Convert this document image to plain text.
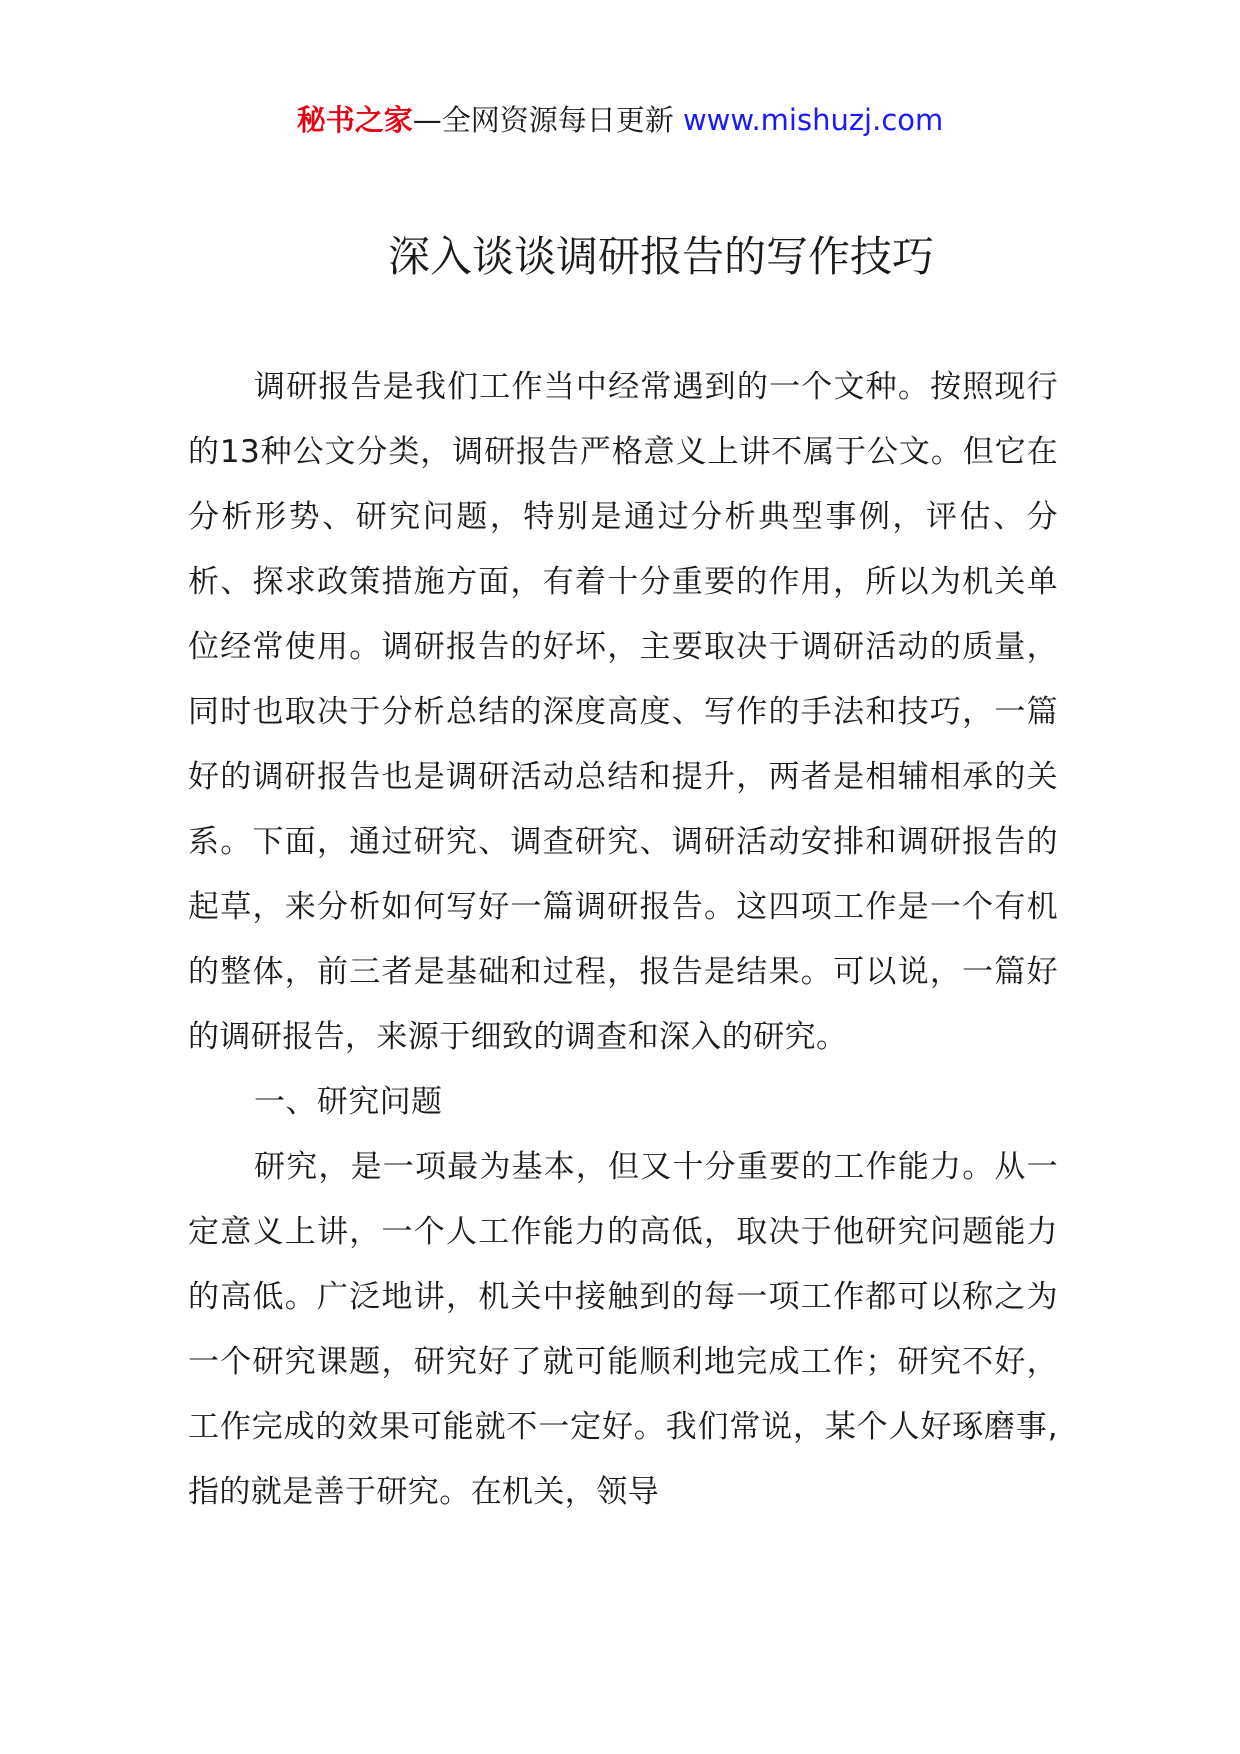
秘书之家—全网资源每日更新 www.mishuzj.com
深入谈谈调研报告的写作技巧

调研报告是我们工作当中经常遇到的一个文种。按照现行的13种公文分类，调研报告严格意义上讲不属于公文。但它在分析形势、研究问题，特别是通过分析典型事例，评估、分析、探求政策措施方面，有着十分重要的作用，所以为机关单位经常使用。调研报告的好坏，主要取决于调研活动的质量，同时也取决于分析总结的深度高度、写作的手法和技巧，一篇好的调研报告也是调研活动总结和提升，两者是相辅相承的关系。下面，通过研究、调查研究、调研活动安排和调研报告的起草，来分析如何写好一篇调研报告。这四项工作是一个有机的整体，前三者是基础和过程，报告是结果。可以说，一篇好的调研报告，来源于细致的调查和深入的研究。

一、研究问题

研究，是一项最为基本，但又十分重要的工作能力。从一定意义上讲，一个人工作能力的高低，取决于他研究问题能力的高低。广泛地讲，机关中接触到的每一项工作都可以称之为一个研究课题，研究好了就可能顺利地完成工作；研究不好，工作完成的效果可能就不一定好。我们常说，某个人好琢磨事,指的就是善于研究。在机关，领导
